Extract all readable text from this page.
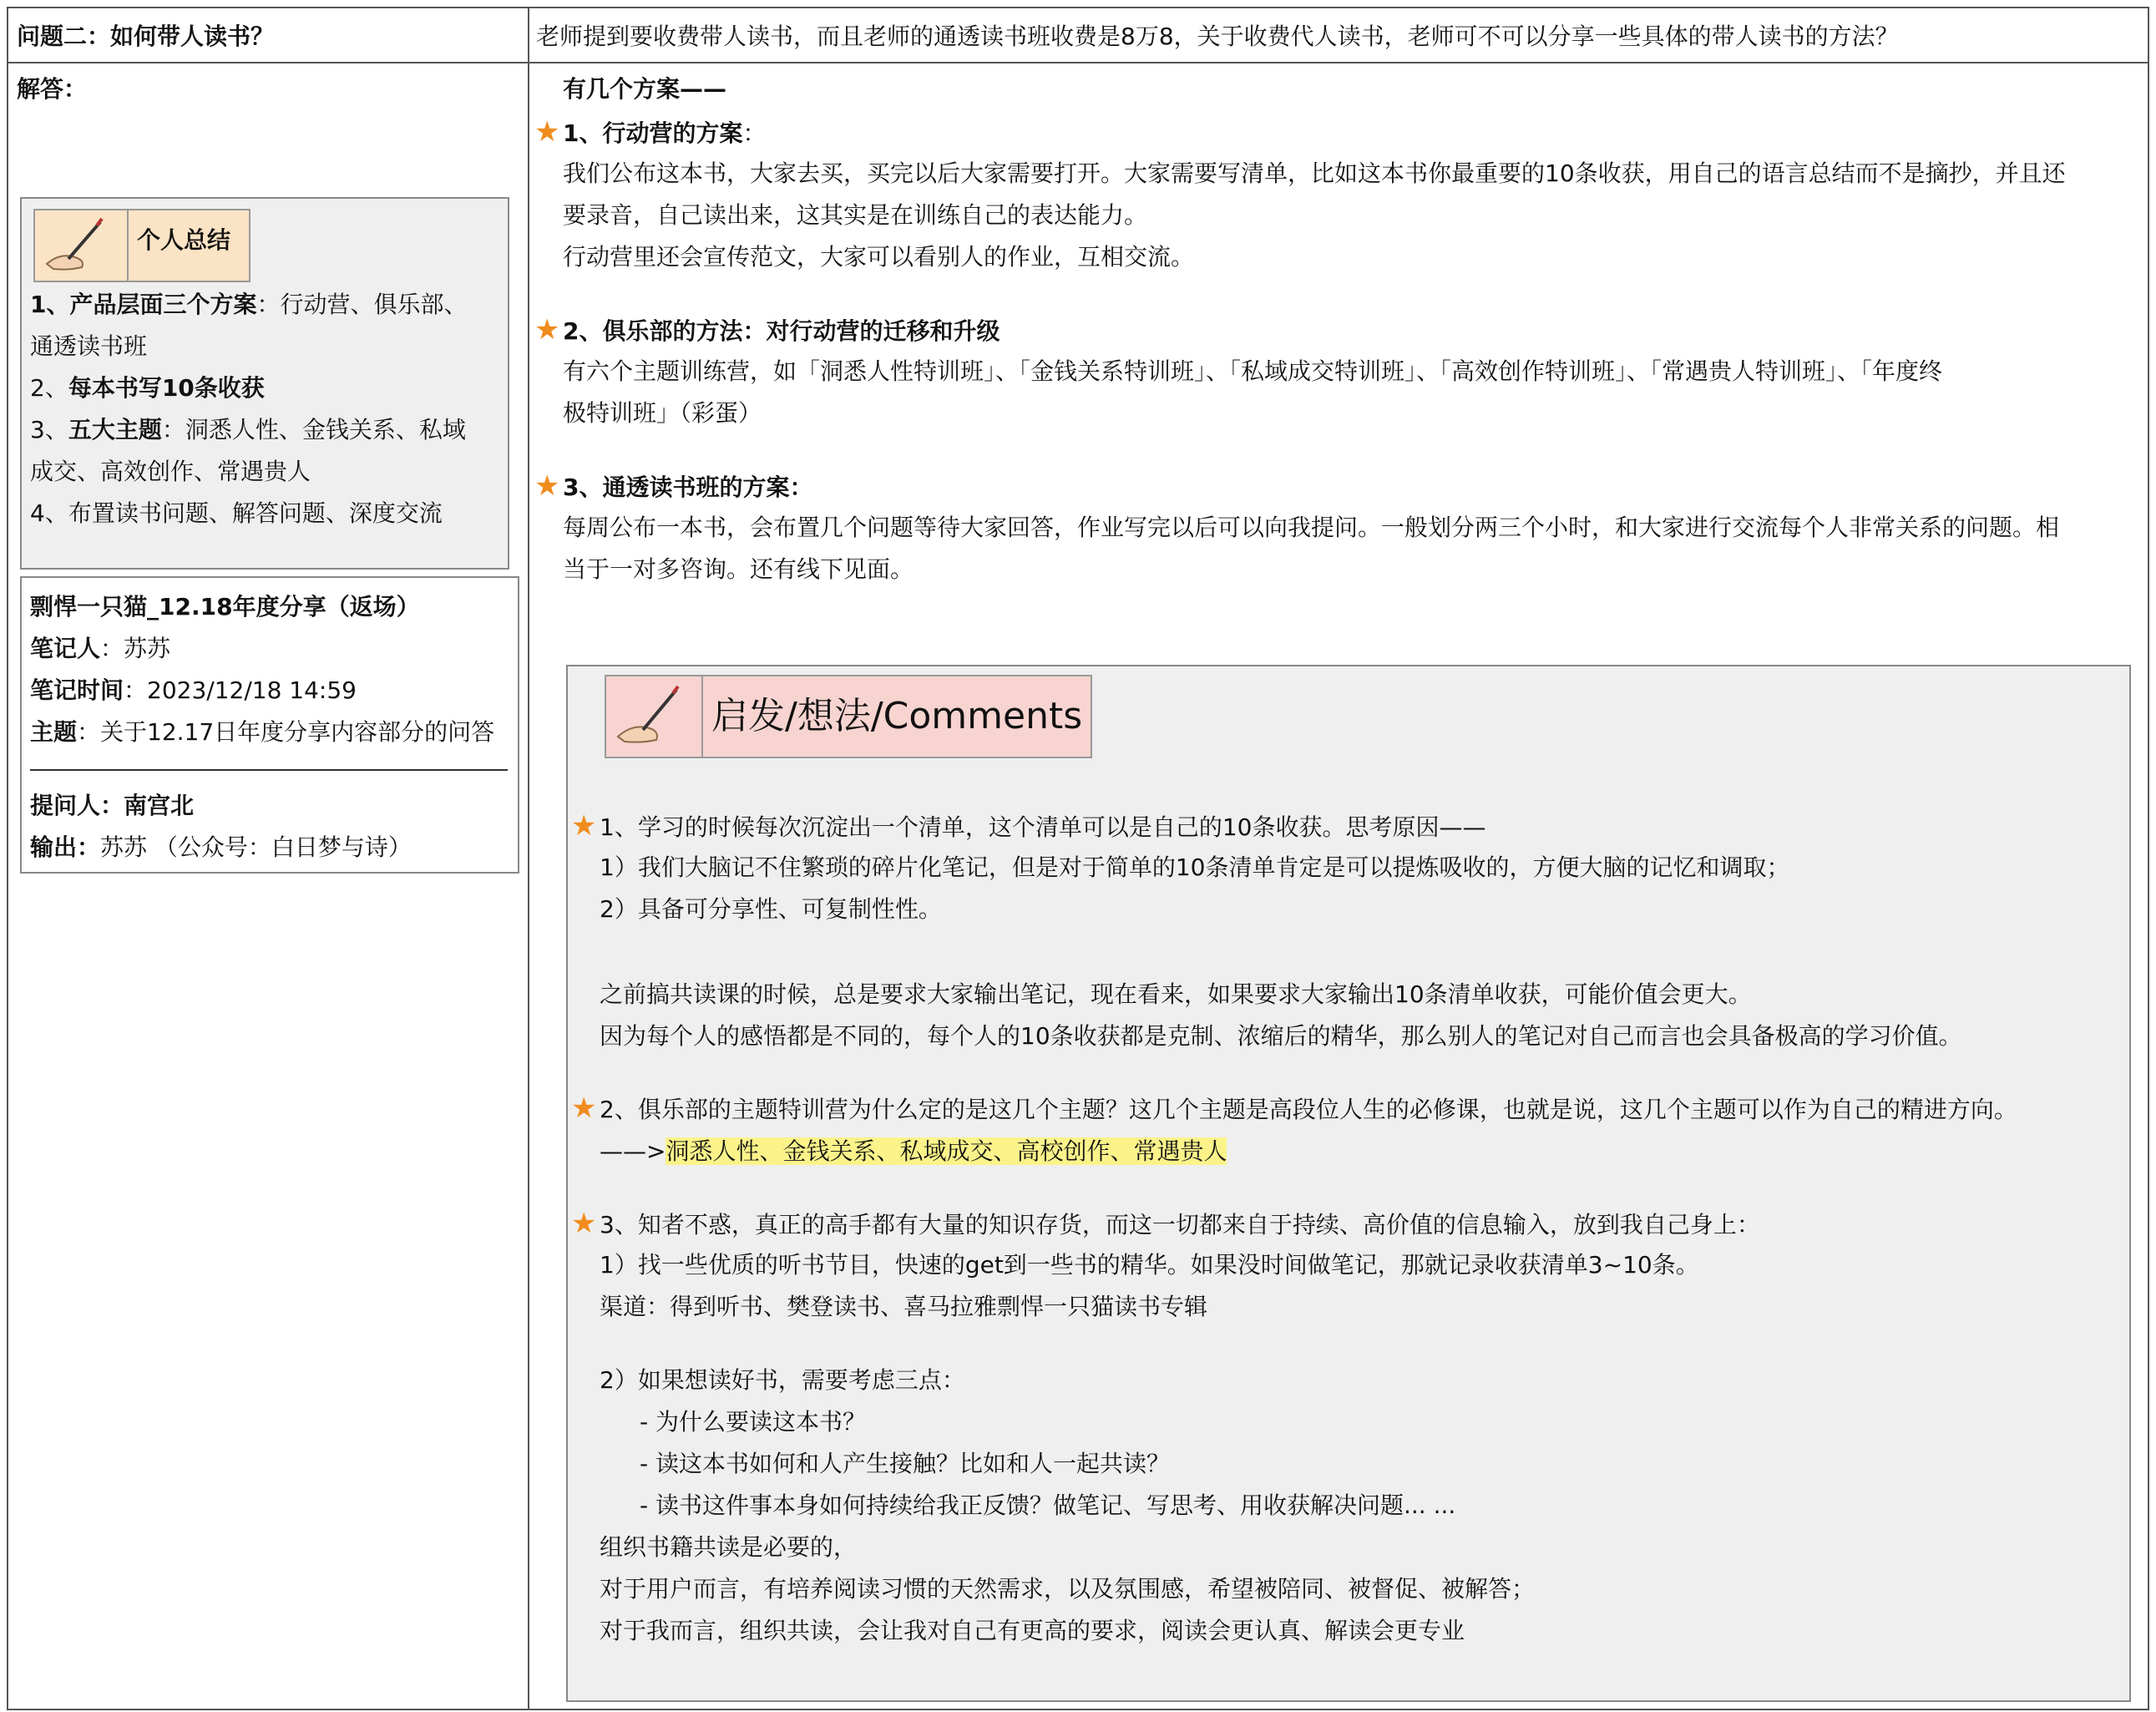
问题二：如何带人读书？	老师提到要收费带人读书，而且老师的通透读书班收费是8万8，关于收费代人读书，老师可不可以分享一些具体的带人读书的方法？
解答：
个人总结
1、产品层面三个方案：行动营、俱乐部、
通透读书班
2、每本书写10条收获
3、五大主题：洞悉人性、金钱关系、私域
成交、高效创作、常遇贵人
4、布置读书问题、解答问题、深度交流
剽悍一只猫_12.18年度分享（返场）
笔记人：苏苏
笔记时间：2023/12/18 14:59
主题：关于12.17日年度分享内容部分的问答
提问人：南宫北
输出：苏苏 （公众号：白日梦与诗）
有几个方案——
★ 1、行动营的方案：
我们公布这本书，大家去买，买完以后大家需要打开。大家需要写清单，比如这本书你最重要的10条收获，用自己的语言总结而不是摘抄，并且还
要录音，自己读出来，这其实是在训练自己的表达能力。
行动营里还会宣传范文，大家可以看别人的作业，互相交流。
★ 2、俱乐部的方法：对行动营的迁移和升级
有六个主题训练营，如「洞悉人性特训班」、「金钱关系特训班」、「私域成交特训班」、「高效创作特训班」、「常遇贵人特训班」、「年度终
极特训班」（彩蛋）
★ 3、通透读书班的方案：
每周公布一本书，会布置几个问题等待大家回答，作业写完以后可以向我提问。一般划分两三个小时，和大家进行交流每个人非常关系的问题。相
当于一对多咨询。还有线下见面。
启发/想法/Comments
★ 1、学习的时候每次沉淀出一个清单，这个清单可以是自己的10条收获。思考原因——
1）我们大脑记不住繁琐的碎片化笔记，但是对于简单的10条清单肯定是可以提炼吸收的，方便大脑的记忆和调取；
2）具备可分享性、可复制性性。
之前搞共读课的时候，总是要求大家输出笔记，现在看来，如果要求大家输出10条清单收获，可能价值会更大。
因为每个人的感悟都是不同的，每个人的10条收获都是克制、浓缩后的精华，那么别人的笔记对自己而言也会具备极高的学习价值。
★ 2、俱乐部的主题特训营为什么定的是这几个主题？这几个主题是高段位人生的必修课，也就是说，这几个主题可以作为自己的精进方向。
——>洞悉人性、金钱关系、私域成交、高校创作、常遇贵人
★ 3、知者不惑，真正的高手都有大量的知识存货，而这一切都来自于持续、高价值的信息输入，放到我自己身上：
1）找一些优质的听书节目，快速的get到一些书的精华。如果没时间做笔记，那就记录收获清单3~10条。
渠道：得到听书、樊登读书、喜马拉雅剽悍一只猫读书专辑
2）如果想读好书，需要考虑三点：
- 为什么要读这本书？
- 读这本书如何和人产生接触？比如和人一起共读？
- 读书这件事本身如何持续给我正反馈？做笔记、写思考、用收获解决问题... ...
组织书籍共读是必要的，
对于用户而言，有培养阅读习惯的天然需求，以及氛围感，希望被陪同、被督促、被解答；
对于我而言，组织共读，会让我对自己有更高的要求，阅读会更认真、解读会更专业
